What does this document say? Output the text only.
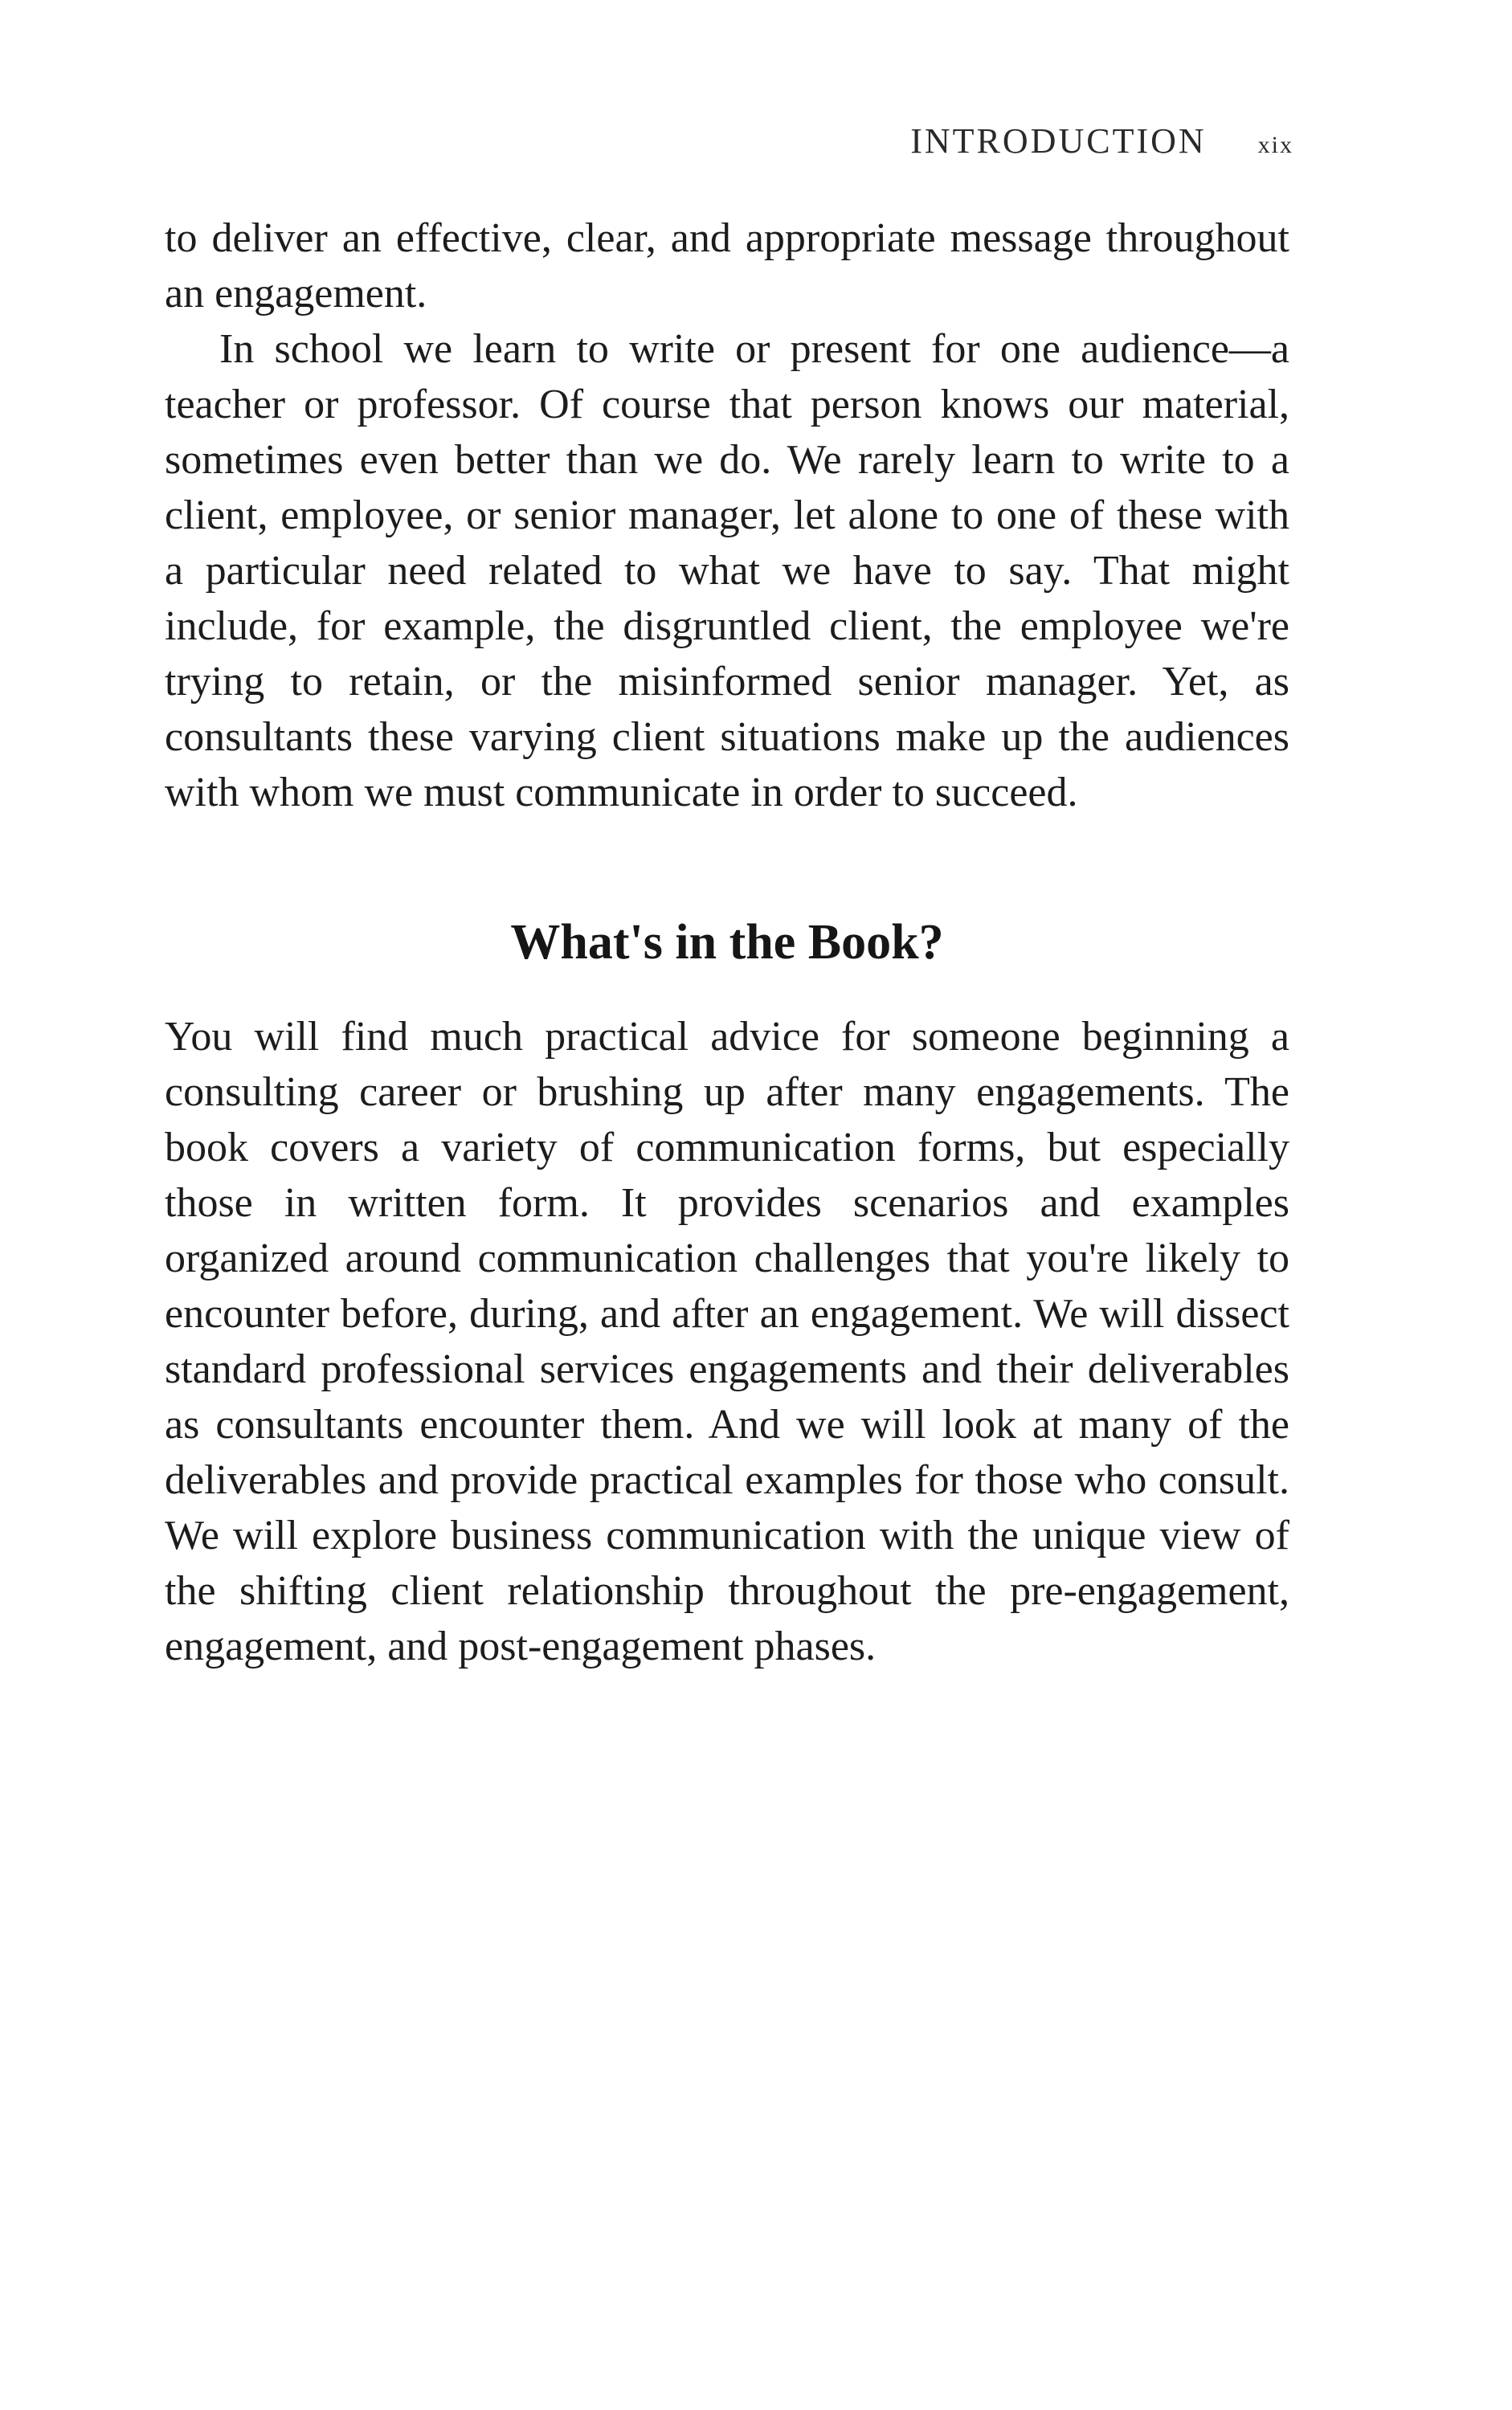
INTRODUCTION xix

to deliver an effective, clear, and appropriate message throughout an engagement.

In school we learn to write or present for one audience—a teacher or professor. Of course that person knows our material, sometimes even better than we do. We rarely learn to write to a client, employee, or senior manager, let alone to one of these with a particular need related to what we have to say. That might include, for example, the disgruntled client, the employee we're trying to retain, or the misinformed senior manager. Yet, as consultants these varying client situations make up the audiences with whom we must communicate in order to succeed.

What's in the Book?

You will find much practical advice for someone beginning a consulting career or brushing up after many engagements. The book covers a variety of communication forms, but especially those in written form. It provides scenarios and examples organized around communication challenges that you're likely to encounter before, during, and after an engagement. We will dissect standard professional services engagements and their deliverables as consultants encounter them. And we will look at many of the deliverables and provide practical examples for those who consult. We will explore business communication with the unique view of the shifting client relationship throughout the pre-engagement, engagement, and post-engagement phases.
